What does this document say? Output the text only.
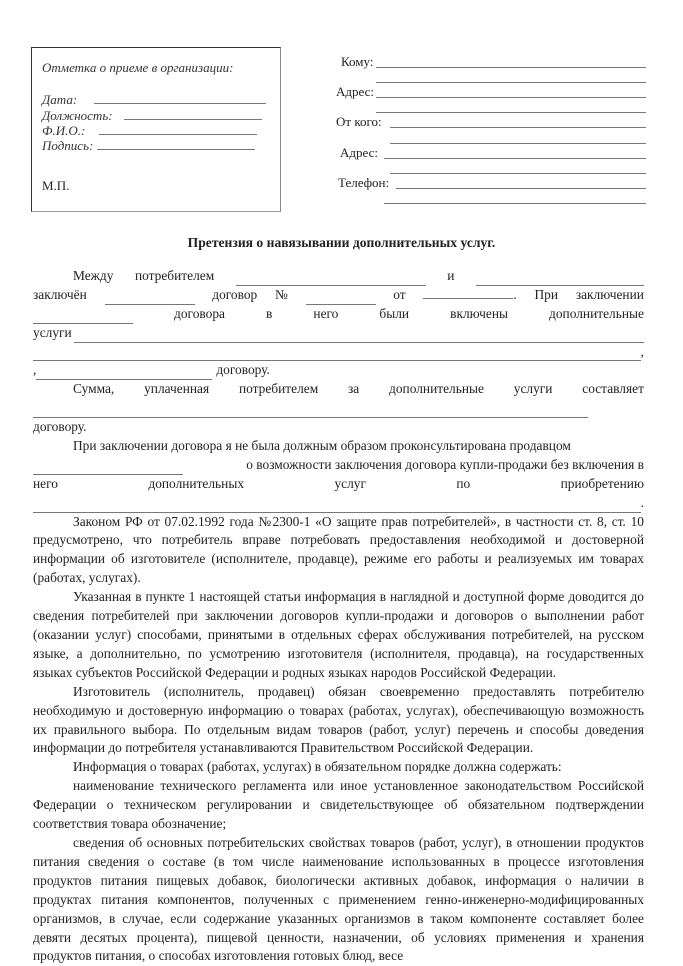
Отметка о приеме в организации:
Дата:
Должность:
Ф.И.О.:
Подпись:
М.П.
Кому:
Адрес:
От кого:
Адрес:
Телефон:
Претензия о навязывании дополнительных услуг.
Между потребителем	и
заключён	договор №	от	. При заключении
договора	в	него	были	включены	дополнительные
услуги
,
,	договору.
Сумма, уплаченная потребителем за дополнительные услуги составляет
договору.
При заключении договора я не была должным образом проконсультирована продавцом
о возможности заключения договора купли-продажи без включения в
него	дополнительных	услуг	по	приобретению
.

Законом РФ от 07.02.1992 года №2300-1 «О защите прав потребителей», в частности ст. 8, ст. 10 предусмотрено, что потребитель вправе потребовать предоставления необходимой и достоверной информации об изготовителе (исполнителе, продавце), режиме его работы и реализуемых им товарах (работах, услугах).

Указанная в пункте 1 настоящей статьи информация в наглядной и доступной форме доводится до сведения потребителей при заключении договоров купли-продажи и договоров о выполнении работ (оказании услуг) способами, принятыми в отдельных сферах обслуживания потребителей, на русском языке, а дополнительно, по усмотрению изготовителя (исполнителя, продавца), на государственных языках субъектов Российской Федерации и родных языках народов Российской Федерации.

Изготовитель (исполнитель, продавец) обязан своевременно предоставлять потребителю необходимую и достоверную информацию о товарах (работах, услугах), обеспечивающую возможность их правильного выбора. По отдельным видам товаров (работ, услуг) перечень и способы доведения информации до потребителя устанавливаются Правительством Российской Федерации.

Информация о товарах (работах, услугах) в обязательном порядке должна содержать:

наименование технического регламента или иное установленное законодательством Российской Федерации о техническом регулировании и свидетельствующее об обязательном подтверждении соответствия товара обозначение;

сведения об основных потребительских свойствах товаров (работ, услуг), в отношении продуктов питания сведения о составе (в том числе наименование использованных в процессе изготовления продуктов питания пищевых добавок, биологически активных добавок, информация о наличии в продуктах питания компонентов, полученных с применением генно-инженерно-модифицированных организмов, в случае, если содержание указанных организмов в таком компоненте составляет более девяти десятых процента), пищевой ценности, назначении, об условиях применения и хранения продуктов питания, о способах изготовления готовых блюд, весе
